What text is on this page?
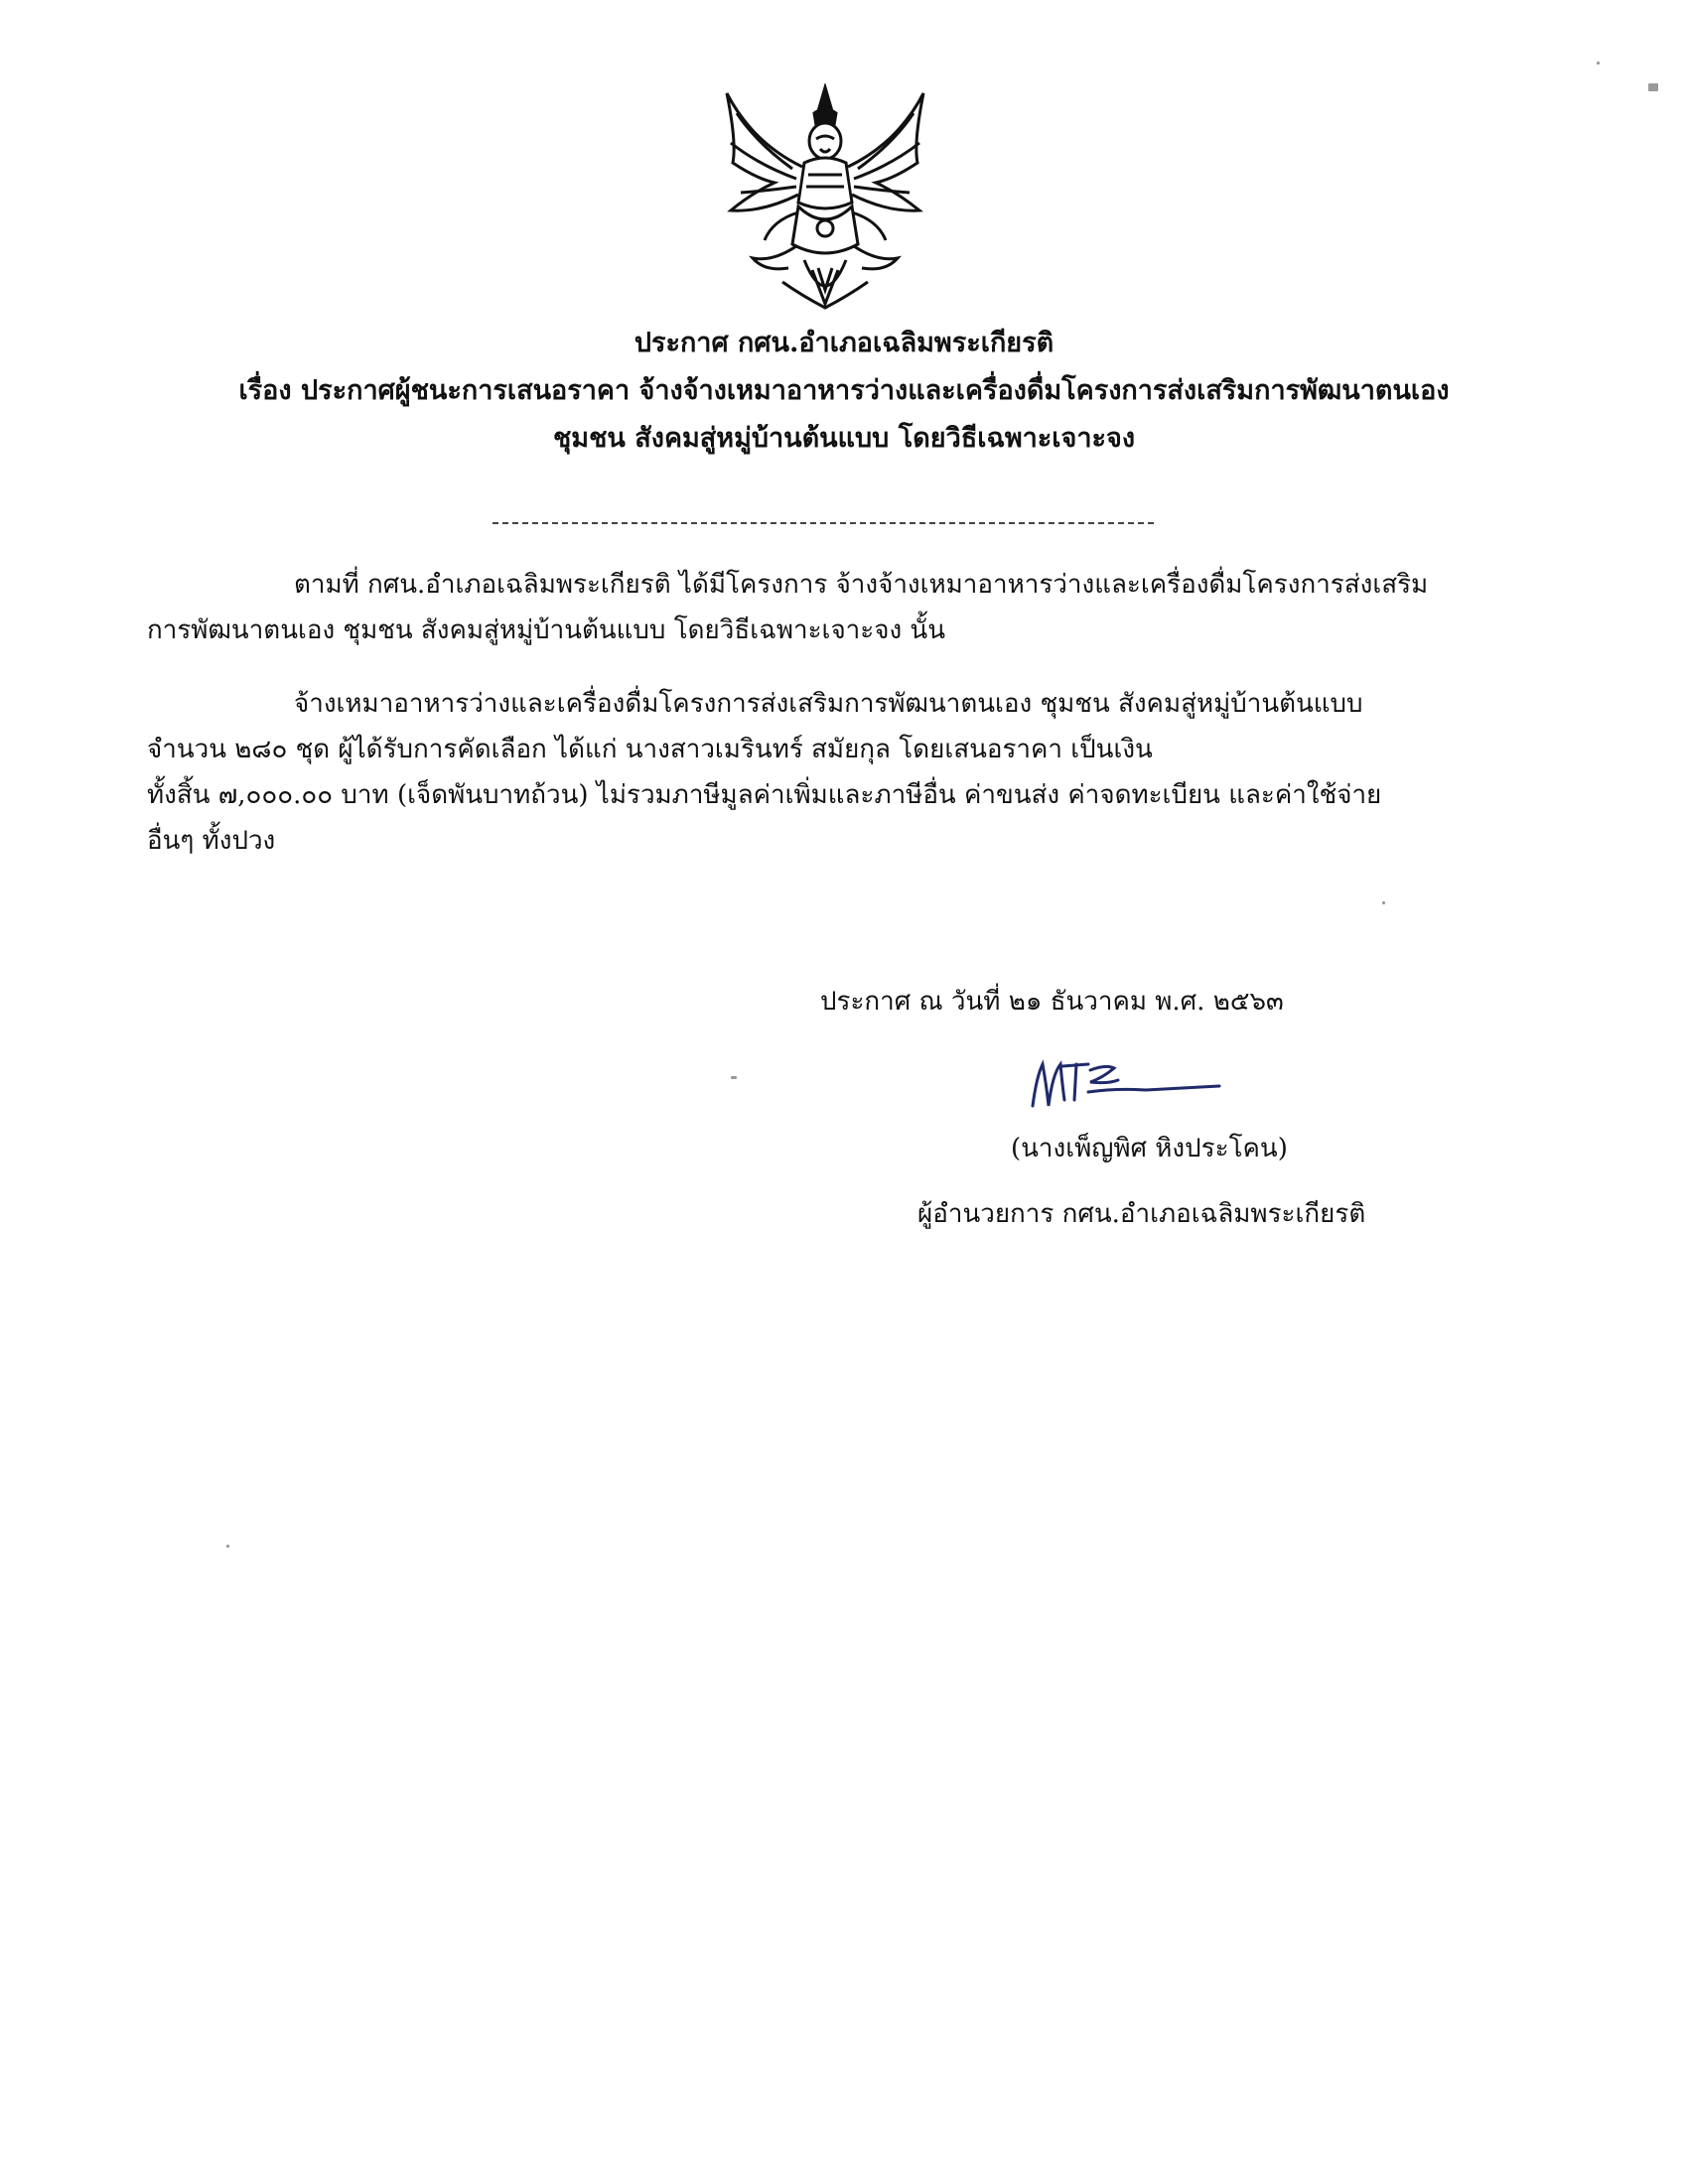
ประกาศ กศน.อำเภอเฉลิมพระเกียรติ
เรื่อง ประกาศผู้ชนะการเสนอราคา จ้างจ้างเหมาอาหารว่างและเครื่องดื่มโครงการส่งเสริมการพัฒนาตนเอง
ชุมชน สังคมสู่หมู่บ้านต้นแบบ โดยวิธีเฉพาะเจาะจง
ตามที่ กศน.อำเภอเฉลิมพระเกียรติ ได้มีโครงการ จ้างจ้างเหมาอาหารว่างและเครื่องดื่มโครงการส่งเสริม
การพัฒนาตนเอง ชุมชน สังคมสู่หมู่บ้านต้นแบบ โดยวิธีเฉพาะเจาะจง นั้น
จ้างเหมาอาหารว่างและเครื่องดื่มโครงการส่งเสริมการพัฒนาตนเอง ชุมชน สังคมสู่หมู่บ้านต้นแบบ
จำนวน ๒๘๐ ชุด ผู้ได้รับการคัดเลือก ได้แก่ นางสาวเมรินทร์ สมัยกุล โดยเสนอราคา เป็นเงิน
ทั้งสิ้น ๗,๐๐๐.๐๐ บาท (เจ็ดพันบาทถ้วน) ไม่รวมภาษีมูลค่าเพิ่มและภาษีอื่น ค่าขนส่ง ค่าจดทะเบียน และค่าใช้จ่าย
อื่นๆ ทั้งปวง
ประกาศ ณ วันที่ ๒๑ ธันวาคม พ.ศ. ๒๕๖๓
(นางเพ็ญพิศ หิงประโคน)
ผู้อำนวยการ กศน.อำเภอเฉลิมพระเกียรติ
